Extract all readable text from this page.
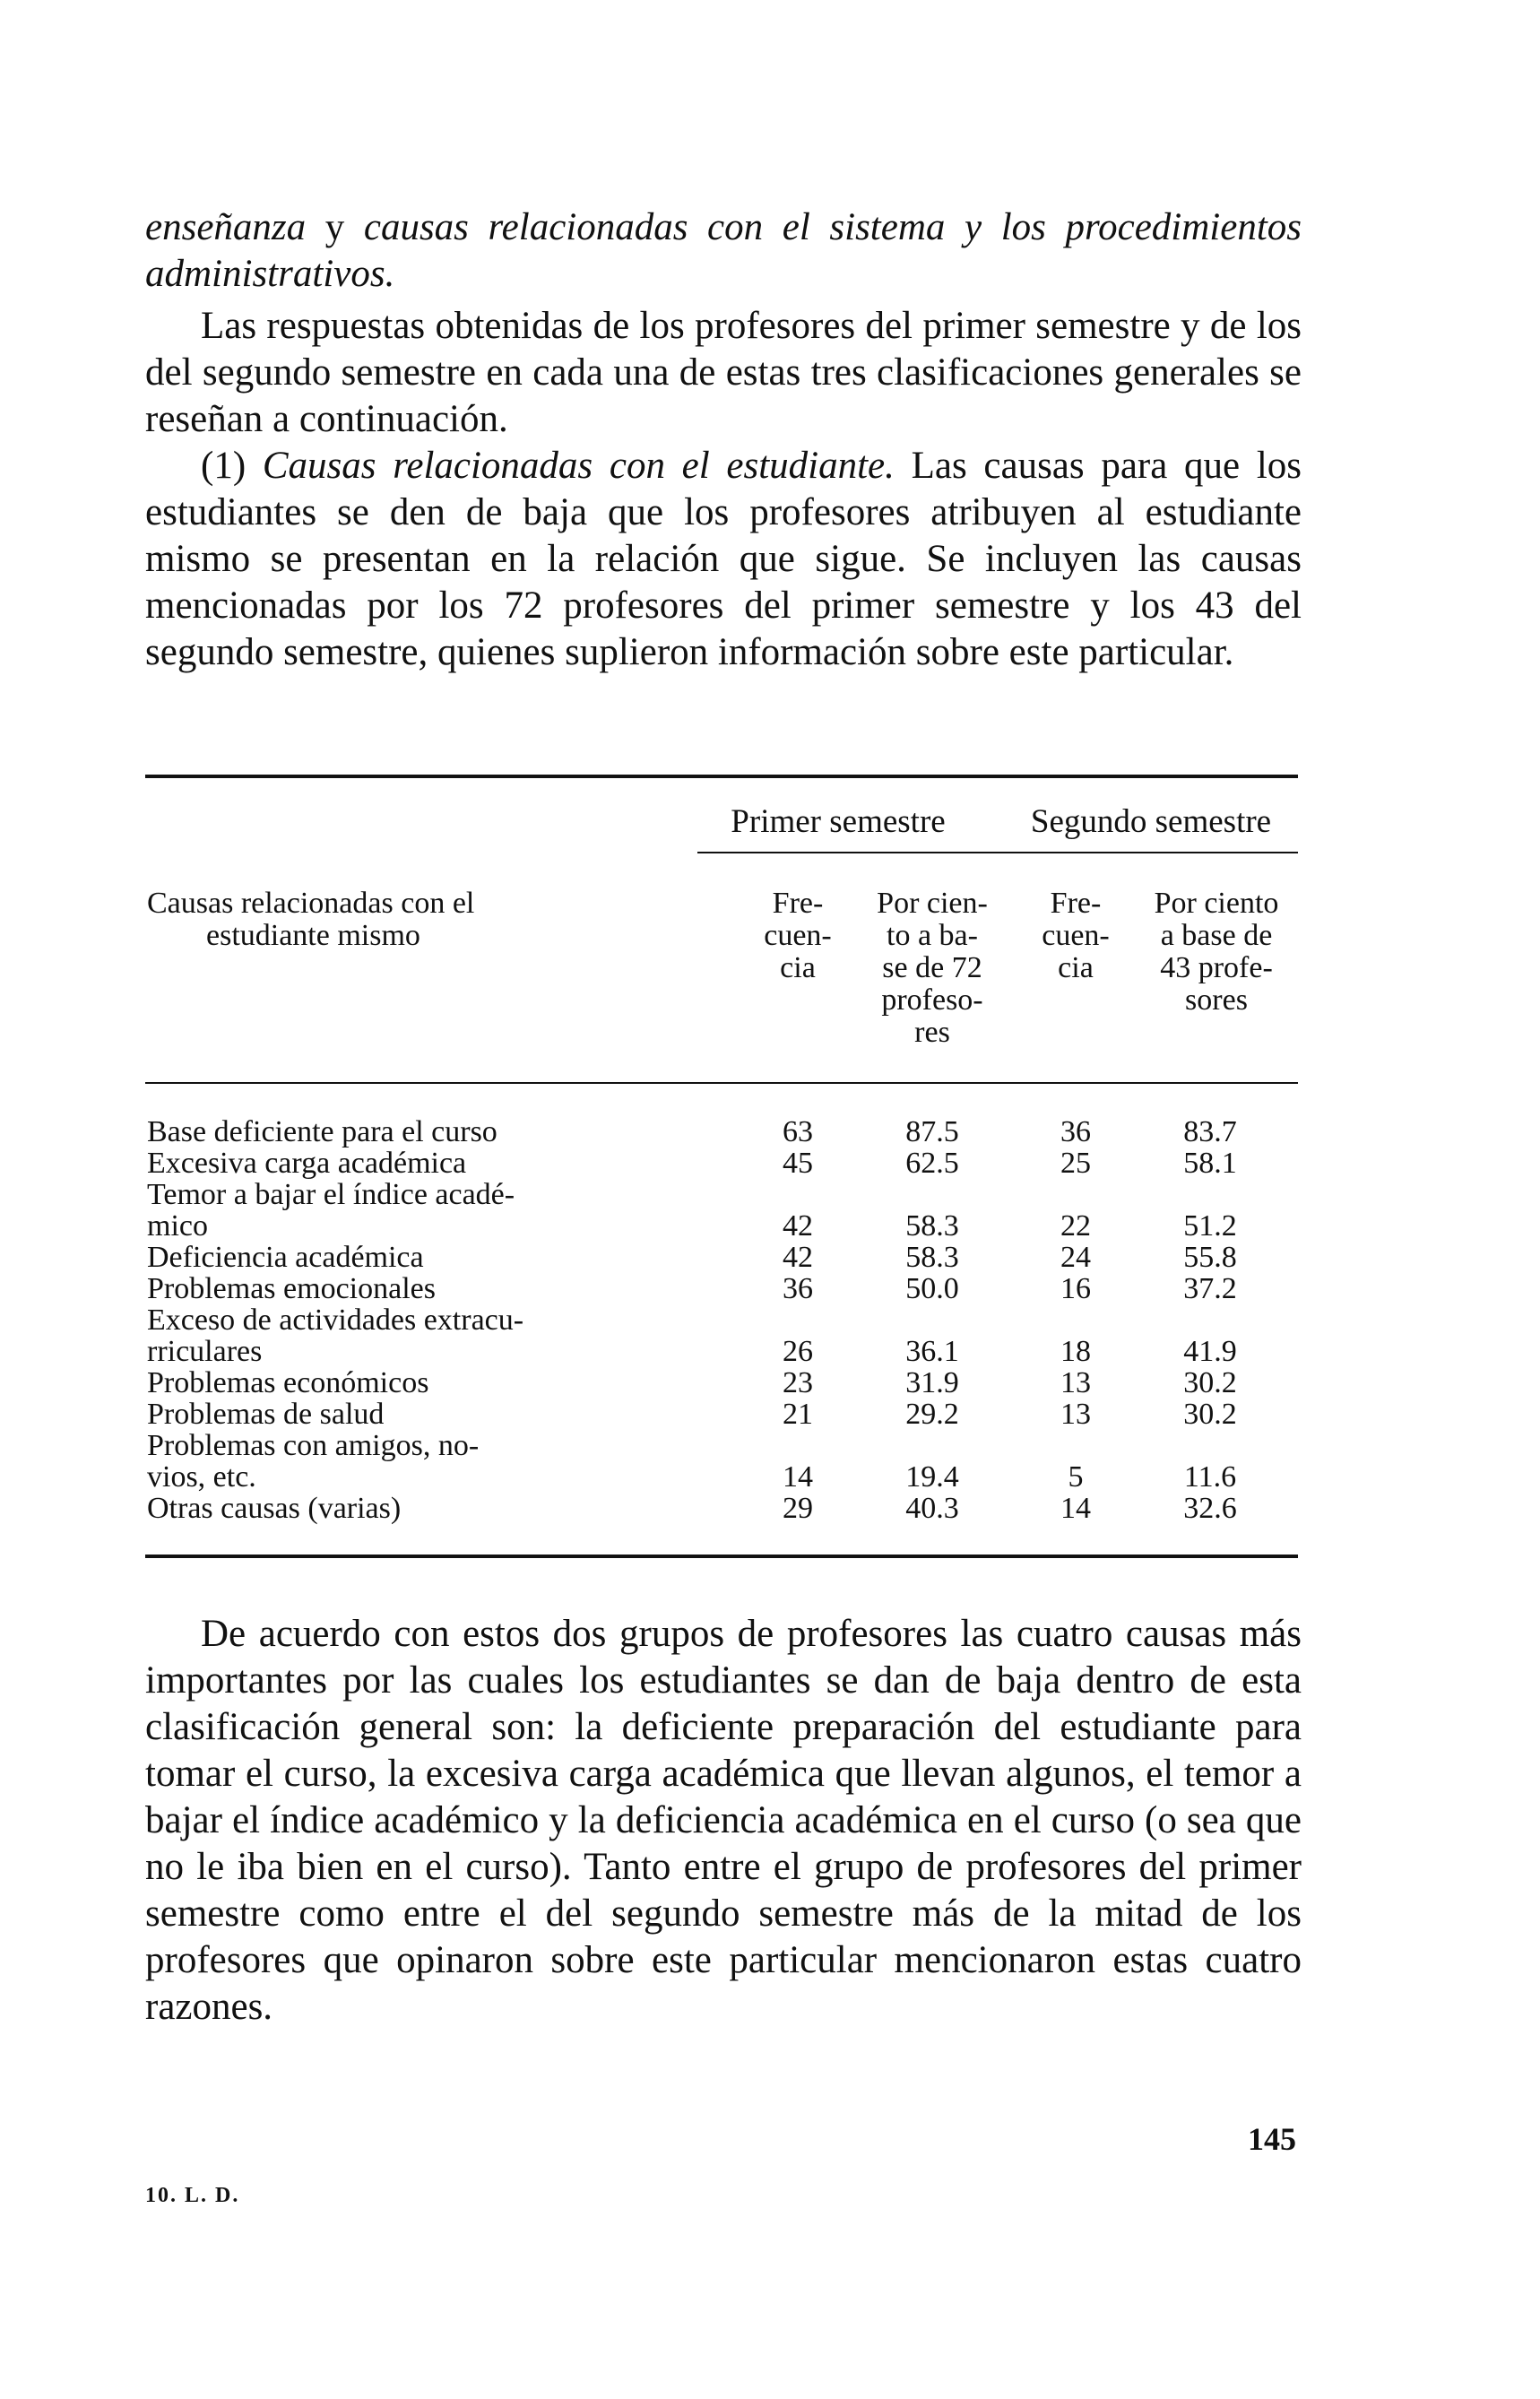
enseñanza y causas relacionadas con el sistema y los procedimientos administrativos.

Las respuestas obtenidas de los profesores del primer semestre y de los del segundo semestre en cada una de estas tres clasificaciones generales se reseñan a continuación.

(1) Causas relacionadas con el estudiante. Las causas para que los estudiantes se den de baja que los profesores atribuyen al estudiante mismo se presentan en la relación que sigue. Se incluyen las causas mencionadas por los 72 profesores del primer semestre y los 43 del segundo semestre, quienes suplieron información sobre este particular.

Primer semestre	Segundo semestre
Causas relacionadas con el
estudiante mismo
Fre-
cuen-
cia
Por cien-
to a ba-
se de 72
profeso-
res
Fre-
cuen-
cia
Por ciento
a base de
43 profe-
sores
Base deficiente para el curso	63	87.5	36	83.7
Excesiva carga académica	45	62.5	25	58.1
Temor a bajar el índice acadé-
mico	42	58.3	22	51.2
Deficiencia académica	42	58.3	24	55.8
Problemas emocionales	36	50.0	16	37.2
Exceso de actividades extracu-
rriculares	26	36.1	18	41.9
Problemas económicos	23	31.9	13	30.2
Problemas de salud	21	29.2	13	30.2
Problemas con amigos, no-
vios, etc.	14	19.4	5	11.6
Otras causas (varias)	29	40.3	14	32.6

De acuerdo con estos dos grupos de profesores las cuatro causas más importantes por las cuales los estudiantes se dan de baja dentro de esta clasificación general son: la deficiente preparación del estudiante para tomar el curso, la excesiva carga académica que llevan algunos, el temor a bajar el índice académico y la deficiencia académica en el curso (o sea que no le iba bien en el curso). Tanto entre el grupo de profesores del primer semestre como entre el del segundo semestre más de la mitad de los profesores que opinaron sobre este particular mencionaron estas cuatro razones.

145
10. L. D.
